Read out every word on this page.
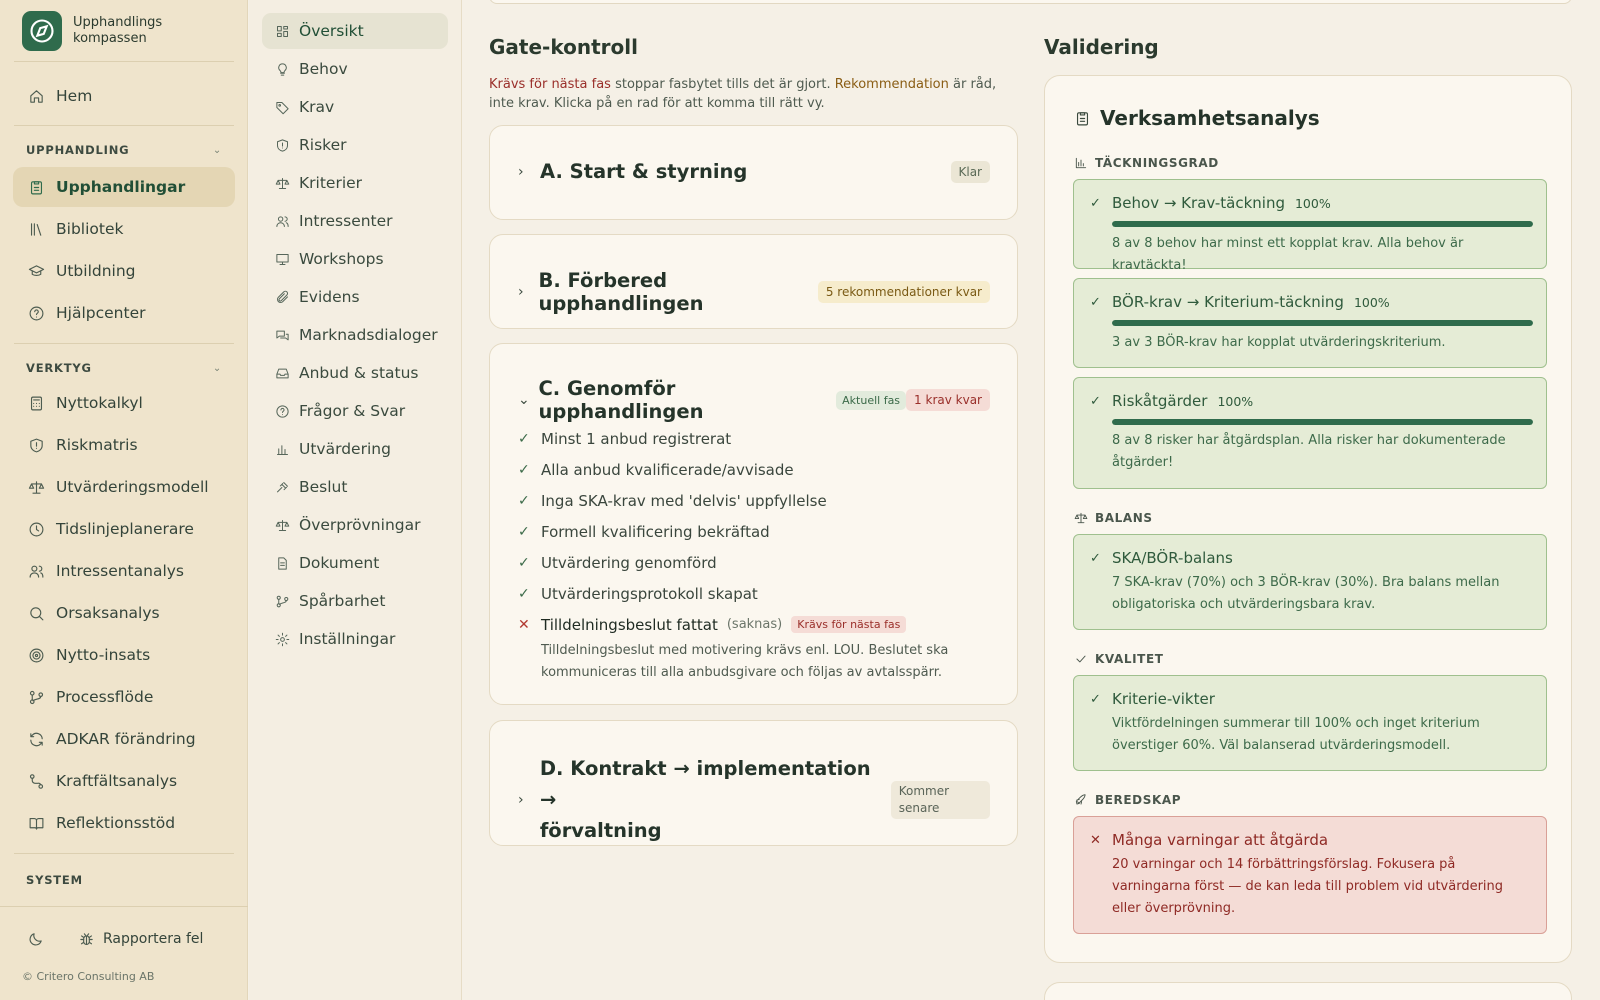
Upphandlings
kompassen
Hem
UPPHANDLING	⌄
Upphandlingar
Bibliotek
Utbildning
Hjälpcenter
VERKTYG	⌄
Nyttokalkyl
Riskmatris
Utvärderingsmodell
Tidslinjeplanerare
Intressentanalys
Orsaksanalys
Nytto-insats
Processflöde
ADKAR förändring
Kraftfältsanalys
Reflektionsstöd
SYSTEM
Rapportera fel
© Critero Consulting AB
Översikt
Behov
Krav
Risker
Kriterier
Intressenter
Workshops
Evidens
Marknadsdialoger
Anbud & status
Frågor & Svar
Utvärdering
Beslut
Överprövningar
Dokument
Spårbarhet
Inställningar
Gate-kontroll

Krävs för nästa fas stoppar fasbytet tills det är gjort. Rekommendation är råd, inte krav. Klicka på en rad för att komma till rätt vy.

› A. Start & styrning	Klar
› B. Förbered upphandlingen	5 rekommendationer kvar
⌄ C. Genomför upphandlingen	Aktuell fas	1 krav kvar
✓ Minst 1 anbud registrerat
✓ Alla anbud kvalificerade/avvisade
✓ Inga SKA-krav med 'delvis' uppfyllelse
✓ Formell kvalificering bekräftad
✓ Utvärdering genomförd
✓ Utvärderingsprotokoll skapat
✕ Tilldelningsbeslut fattat (saknas)	Krävs för nästa fas
Tilldelningsbeslut med motivering krävs enl. LOU. Beslutet ska kommuniceras till alla anbudsgivare och följas av avtalsspärr.
›
D. Kontrakt → implementation →
förvaltning
Kommer
senare
Validering
Verksamhetsanalys
TÄCKNINGSGRAD
✓ Behov → Krav-täckning 100%
8 av 8 behov har minst ett kopplat krav. Alla behov är kravtäckta!
✓ BÖR-krav → Kriterium-täckning 100%
3 av 3 BÖR-krav har kopplat utvärderingskriterium.
✓ Riskåtgärder 100%
8 av 8 risker har åtgärdsplan. Alla risker har dokumenterade åtgärder!
BALANS
✓ SKA/BÖR-balans
7 SKA-krav (70%) och 3 BÖR-krav (30%). Bra balans mellan obligatoriska och utvärderingsbara krav.
KVALITET
✓ Kriterie-vikter
Viktfördelningen summerar till 100% och inget kriterium överstiger 60%. Väl balanserad utvärderingsmodell.
BEREDSKAP
✕ Många varningar att åtgärda
20 varningar och 14 förbättringsförslag. Fokusera på varningarna först — de kan leda till problem vid utvärdering eller överprövning.
